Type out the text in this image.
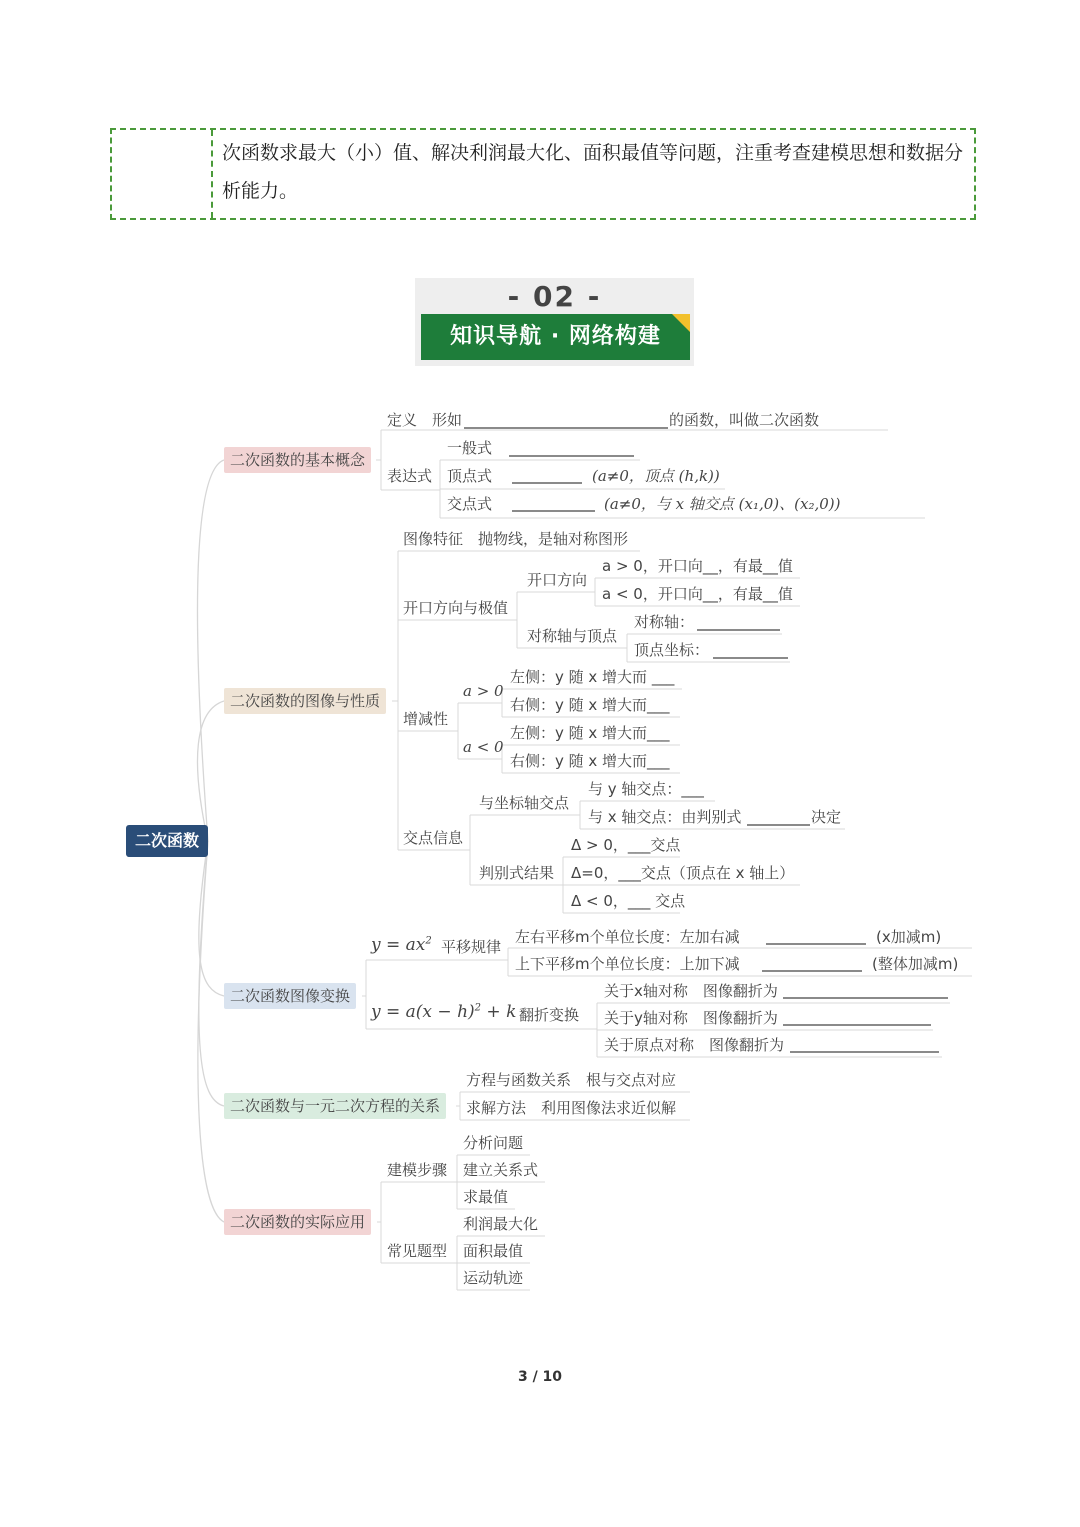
次函数求最大（小）值、解决利润最大化、面积最值等问题，注重考查建模思想和数据分析能力。
- 02 -
知识导航 · 网络构建
二次函数
二次函数的基本概念
定义 形如	的函数，叫做二次函数
表达式
一般式
顶点式	(a≠0，顶点 (h,k))
交点式	(a≠0，与 x 轴交点 (x₁,0)、(x₂,0))
二次函数的图像与性质
图像特征　抛物线，是轴对称图形
开口方向与极值
开口方向
a > 0，开口向__，有最__值
a < 0，开口向__，有最__值
对称轴与顶点
对称轴：
顶点坐标：
增减性
a > 0
a < 0
左侧：y 随 x 增大而 ___
右侧：y 随 x 增大而___
左侧：y 随 x 增大而___
右侧：y 随 x 增大而___
交点信息
与坐标轴交点
与 y 轴交点：___
与 x 轴交点：由判别式	决定
判别式结果
Δ > 0，___交点
Δ=0，___交点（顶点在 x 轴上）
Δ < 0，___ 交点
二次函数图像变换
$y = ax^2$ 平移规律
左右平移m个单位长度：左加右减	(x加减m)
上下平移m个单位长度：上加下减	(整体加减m)
$y = a(x - h)^2 + k$ 翻折变换
关于x轴对称　图像翻折为
关于y轴对称　图像翻折为
关于原点对称　图像翻折为
二次函数与一元二次方程的关系
方程与函数关系　根与交点对应
求解方法　利用图像法求近似解
二次函数的实际应用
建模步骤
分析问题
建立关系式
求最值
常见题型
利润最大化
面积最值
运动轨迹
3 / 10
